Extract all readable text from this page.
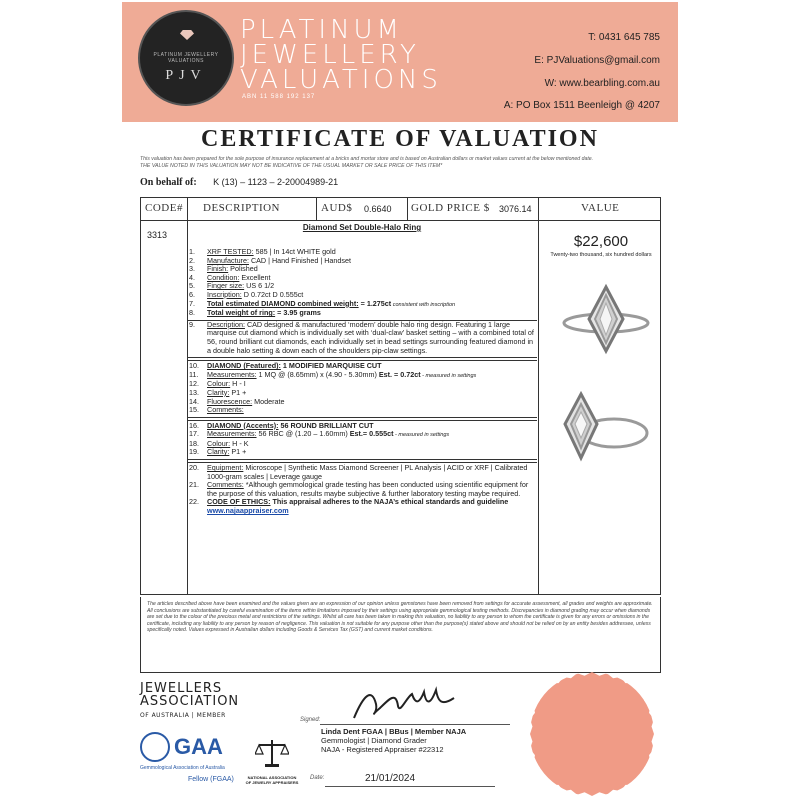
PLATINUM JEWELLERY VALUATIONS
PJV
PLATINUM
JEWELLERY
VALUATIONS
ABN 11 588 192 137
T: 0431 645 785
E: PJValuations@gmail.com
W: www.bearbling.com.au
A: PO Box 1511 Beenleigh @ 4207
CERTIFICATE OF VALUATION
This valuation has been prepared for the sole purpose of insurance replacement at a bricks and mortar store and is based on Australian dollars or market values current at the below mentioned date.
THE VALUE NOTED IN THIS VALUATION MAY NOT BE INDICATIVE OF THE USUAL MARKET OR SALE PRICE OF THIS ITEM*
On behalf of: K (13) – 1123 – 2-20004989-21
CODE# DESCRIPTION	AUD$ 0.6640 GOLD PRICE $ 3076.14	VALUE
3313
Diamond Set Double-Halo Ring
$22,600
Twenty-two thousand, six hundred dollars
1.	XRF TESTED: 585 | In 14ct WHITE gold
2.	Manufacture: CAD | Hand Finished | Handset
3.	Finish: Polished
4.	Condition: Excellent
5.	Finger size: US 6 1/2
6.	Inscription: D 0.72ct D 0.555ct
7.	Total estimated DIAMOND combined weight: = 1.275ct consistent with inscription
8.	Total weight of ring: = 3.95 grams
9.	Description: CAD designed & manufactured ‘modern’ double halo ring design. Featuring 1 large marquise cut diamond which is individually set with ‘dual-claw’ basket setting – with a combined total of 56, round brilliant cut diamonds, each individually set in bead settings surrounding featured diamond in a double halo setting & down each of the shoulders pip-claw settings.
10.	DIAMOND (Featured): 1 MODIFIED MARQUISE CUT
11.	Measurements: 1 MQ @ (8.65mm) x (4.90 - 5.30mm) Est. = 0.72ct - measured in settings
12.	Colour: H - I
13.	Clarity: P1 +
14.	Fluorescence: Moderate
15.	Comments:
16.	DIAMOND (Accents): 56 ROUND BRILLIANT CUT
17.	Measurements: 56 RBC @ (1.20 – 1.60mm) Est.= 0.555ct - measured in settings
18.	Colour: H - K
19.	Clarity: P1 +
20.	Equipment: Microscope | Synthetic Mass Diamond Screener | PL Analysis | ACID or XRF | Calibrated 1000-gram scales | Leverage gauge
21.	Comments: *Although gemmological grade testing has been conducted using scientific equipment for the purpose of this valuation, results maybe subjective & further laboratory testing maybe required.
22.	CODE OF ETHICS: This appraisal adheres to the NAJA’s ethical standards and guideline
www.najaappraiser.com
The articles described above have been examined and the values given are an expression of our opinion unless gemstones have been removed from settings for accurate assessment, all grades and weights are approximate. All conclusions are substantiated by careful examination of the items within limitations imposed by their settings using appropriate gemmological testing methods. Discrepancies in diamond grading may occur when diamonds are set due to the colour of the precious metal and restrictions of the settings. Whilst all care has been taken in making this valuation, no liability to any person to whom the certificate is given for any errors or omissions in the certificate, including any liability to any person by reason of negligence. This valuation is not suitable for any purpose other than the purpose(s) stated above and should not be relied on by an entity besides addressee, unless specifically noted. Values expressed in Australian dollars including Goods & Services Tax (GST) and current market conditions.
JEWELLERS
ASSOCIATION
OF AUSTRALIA | MEMBER
GAA
Gemmological Association of Australia
Fellow (FGAA)	NATIONAL ASSOCIATION OF JEWELRY APPRAISERS
Signed:
Linda Dent FGAA | BBus | Member NAJA
Gemmologist | Diamond Grader
NAJA - Registered Appraiser #22312
Date:	21/01/2024
